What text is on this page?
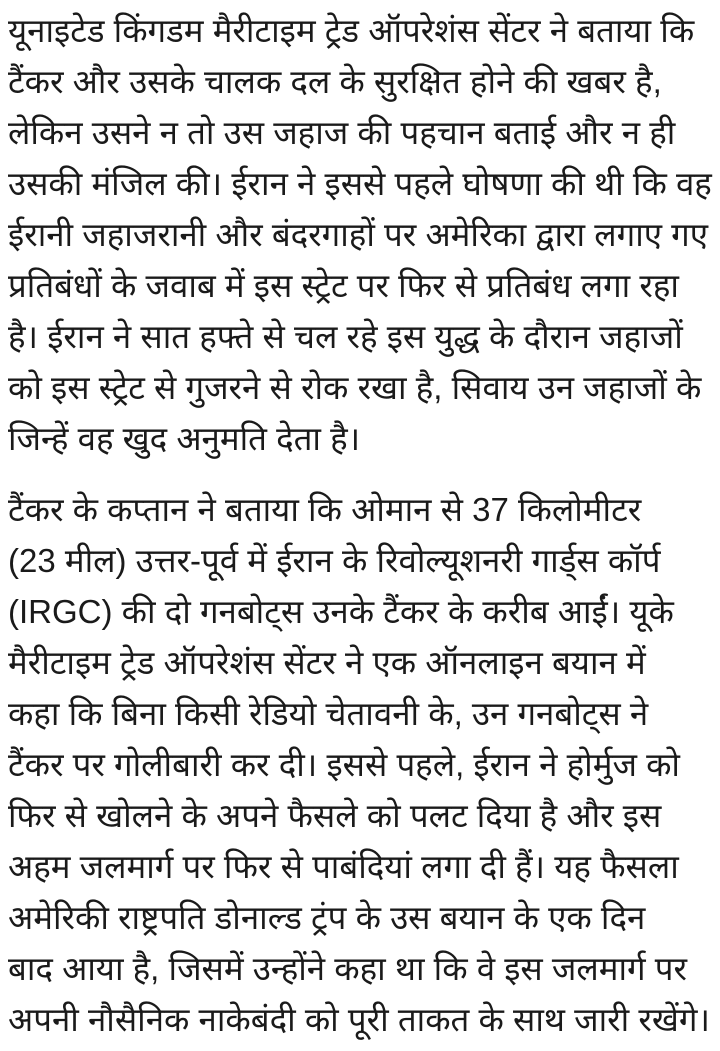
यूनाइटेड किंगडम मैरीटाइम ट्रेड ऑपरेशंस सेंटर ने बताया कि
टैंकर और उसके चालक दल के सुरक्षित होने की खबर है,
लेकिन उसने न तो उस जहाज की पहचान बताई और न ही
उसकी मंजिल की। ईरान ने इससे पहले घोषणा की थी कि वह
ईरानी जहाजरानी और बंदरगाहों पर अमेरिका द्वारा लगाए गए
प्रतिबंधों के जवाब में इस स्ट्रेट पर फिर से प्रतिबंध लगा रहा
है। ईरान ने सात हफ्ते से चल रहे इस युद्ध के दौरान जहाजों
को इस स्ट्रेट से गुजरने से रोक रखा है, सिवाय उन जहाजों के
जिन्हें वह खुद अनुमति देता है।

टैंकर के कप्तान ने बताया कि ओमान से 37 किलोमीटर
(23 मील) उत्तर-पूर्व में ईरान के रिवोल्यूशनरी गार्ड्स कॉर्प
(IRGC) की दो गनबोट्स उनके टैंकर के करीब आईं। यूके
मैरीटाइम ट्रेड ऑपरेशंस सेंटर ने एक ऑनलाइन बयान में
कहा कि बिना किसी रेडियो चेतावनी के, उन गनबोट्स ने
टैंकर पर गोलीबारी कर दी। इससे पहले, ईरान ने होर्मुज को
फिर से खोलने के अपने फैसले को पलट दिया है और इस
अहम जलमार्ग पर फिर से पाबंदियां लगा दी हैं। यह फैसला
अमेरिकी राष्ट्रपति डोनाल्ड ट्रंप के उस बयान के एक दिन
बाद आया है, जिसमें उन्होंने कहा था कि वे इस जलमार्ग पर
अपनी नौसैनिक नाकेबंदी को पूरी ताकत के साथ जारी रखेंगे।
